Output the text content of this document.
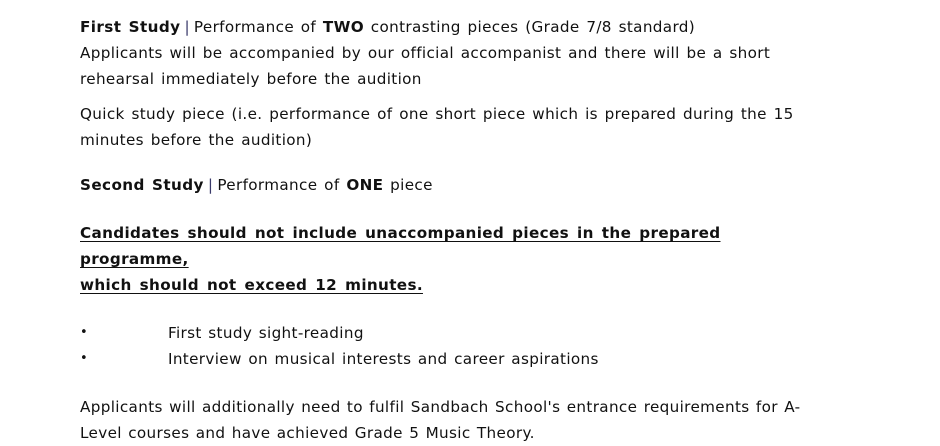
First Study | Performance of TWO contrasting pieces (Grade 7/8 standard)

Applicants will be accompanied by our official accompanist and there will be a short rehearsal immediately before the audition

Quick study piece (i.e. performance of one short piece which is prepared during the 15 minutes before the audition)

Second Study | Performance of ONE piece

Candidates should not include unaccompanied pieces in the prepared programme,
which should not exceed 12 minutes.

•	First study sight-reading
•	Interview on musical interests and career aspirations

Applicants will additionally need to fulfil Sandbach School's entrance requirements for A-Level courses and have achieved Grade 5 Music Theory.
